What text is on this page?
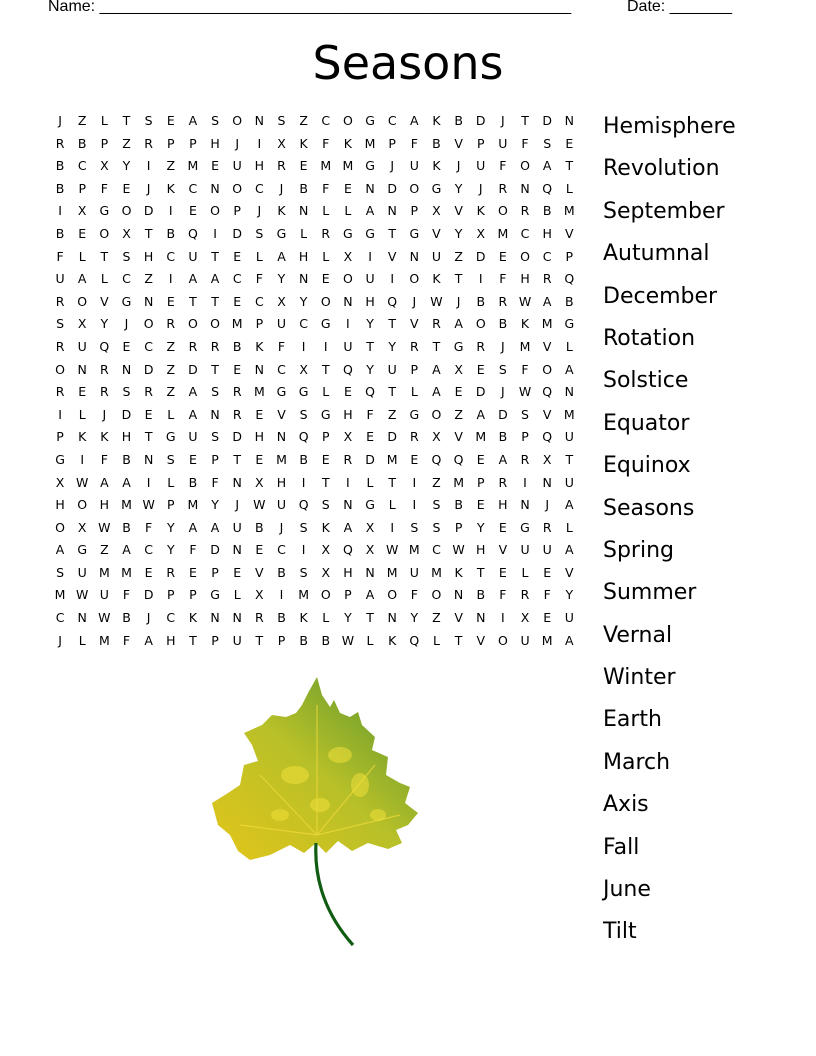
Name: _____________________________________________________	Date: _______
Seasons
J Z L T S E A S O N S Z C O G C A K B D J T D N
R B P Z R P P H J I X K F K M P F B V P U F S E
B C X Y I Z M E U H R E M M G J U K J U F O A T
B P F E J K C N O C J B F E N D O G Y J R N Q L
I X G O D I E O P J K N L L A N P X V K O R B M
B E O X T B Q I D S G L R G G T G V Y X M C H V
F L T S H C U T E L A H L X I V N U Z D E O C P
U A L C Z I A A C F Y N E O U I O K T I F H R Q
R O V G N E T T E C X Y O N H Q J W J B R W A B
S X Y J O R O O M P U C G I Y T V R A O B K M G
R U Q E C Z R R B K F I I U T Y R T G R J M V L
O N R N D Z D T E N C X T Q Y U P A X E S F O A
R E R S R Z A S R M G G L E Q T L A E D J W Q N
I L J D E L A N R E V S G H F Z G O Z A D S V M
P K K H T G U S D H N Q P X E D R X V M B P Q U
G I F B N S E P T E M B E R D M E Q Q E A R X T
X W A A I L B F N X H I T I L T I Z M P R I N U
H O H M W P M Y J W U Q S N G L I S B E H N J A
O X W B F Y A A U B J S K A X I S S P Y E G R L
A G Z A C Y F D N E C I X Q X W M C W H V U U A
S U M M E R E P E V B S X H N M U M K T E L E V
M W U F D P P G L X I M O P A O F O N B F R F Y
C N W B J C K N N R B K L Y T N Y Z V N I X E U
J L M F A H T P U T P B B W L K Q L T V O U M A
Hemisphere
Revolution
September
Autumnal
December
Rotation
Solstice
Equator
Equinox
Seasons
Spring
Summer
Vernal
Winter
Earth
March
Axis
Fall
June
Tilt
